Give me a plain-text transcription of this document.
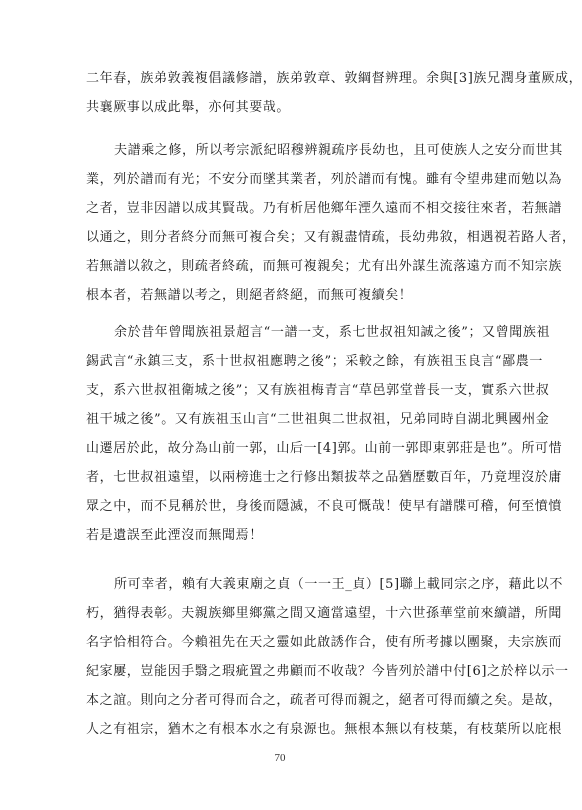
二年春，族弟敦義複倡議修譜，族弟敦章、敦綱督辨理。余與[3]族兄潤身董厥成，
共襄厥事以成此舉，亦何其要哉。
夫譜乘之修，所以考宗派紀昭穆辨親疏序長幼也，且可使族人之安分而世其
業，列於譜而有光；不安分而墜其業者，列於譜而有愧。雖有令望弗建而勉以為
之者，豈非因譜以成其賢哉。乃有析居他鄉年湮久遠而不相交接往來者，若無譜
以通之，則分者終分而無可複合矣；又有親盡情疏，長幼弗敘，相遇視若路人者，
若無譜以敘之，則疏者終疏，而無可複親矣；尤有出外謀生流落遠方而不知宗族
根本者，若無譜以考之，則絕者終絕，而無可複續矣！
余於昔年曾聞族祖景超言“一譜一支，系七世叔祖知誠之後”；又曾聞族祖
錫武言“永鎮三支，系十世叔祖應聘之後”；采較之餘，有族祖玉良言“鄙農一
支，系六世叔祖衛城之後”；又有族祖梅青言“草邑郭堂普長一支，實系六世叔
祖干城之後”。又有族祖玉山言“二世祖與二世叔祖，兄弟同時自湖北興國州金
山遷居於此，故分為山前一郭，山后一[4]郭。山前一郭即東郭莊是也”。所可惜
者，七世叔祖遠望，以兩榜進士之行修出類拔萃之品猶歷數百年，乃竟埋沒於庸
眾之中，而不見稱於世，身後而隱滅，不良可慨哉！使早有譜牒可稽，何至憤憤
若是遺誤至此湮沒而無聞焉！
所可幸者，賴有大義東廟之貞（一一王_貞）[5]聯上載同宗之序，藉此以不
朽，猶得表彰。夫親族鄉里鄉黨之間又適當遠望，十六世孫華堂前來續譜，所聞
名字恰相符合。今賴祖先在天之靈如此啟誘作合，使有所考據以團聚，夫宗族而
紀家屢，豈能因手翳之瑕疵置之弗顧而不收哉？今皆列於譜中付[6]之於梓以示一
本之誼。則向之分者可得而合之，疏者可得而親之，絕者可得而續之矣。是故，
人之有祖宗，猶木之有根本水之有泉源也。無根本無以有枝葉，有枝葉所以庇根
70
